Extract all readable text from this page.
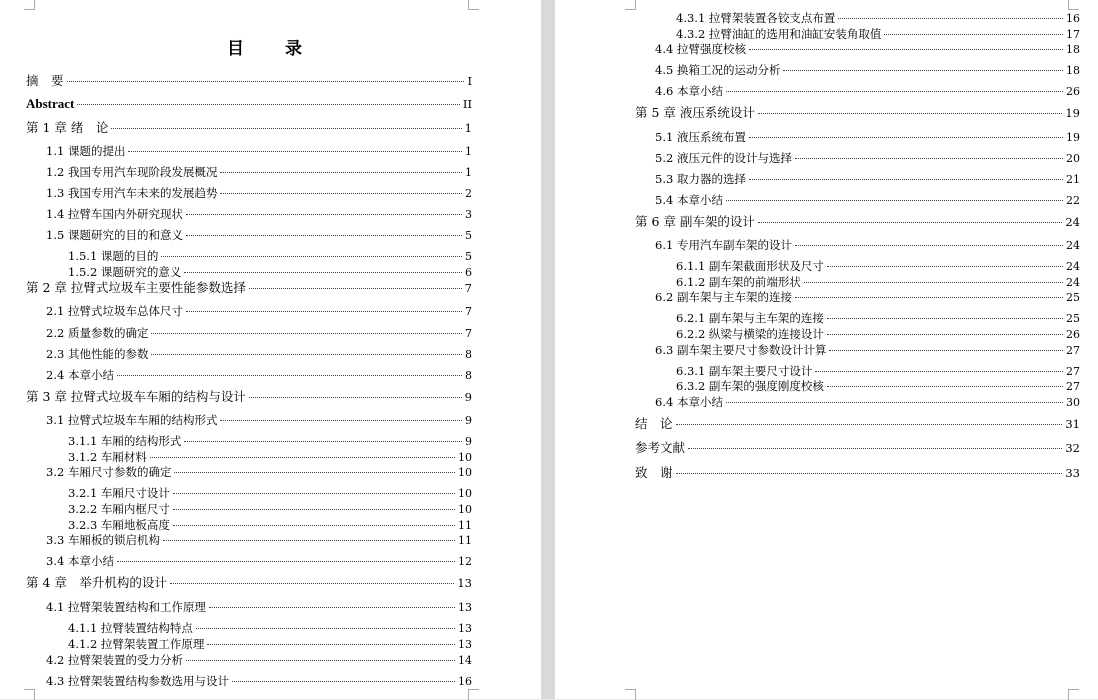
目　录
摘　要	I
Abstract	II
第 1 章 绪　论	1
1.1 课题的提出	1
1.2 我国专用汽车现阶段发展概况	1
1.3 我国专用汽车未来的发展趋势	2
1.4 拉臂车国内外研究现状	3
1.5 课题研究的目的和意义	5
1.5.1 课题的目的	5
1.5.2 课题研究的意义	6
第 2 章 拉臂式垃圾车主要性能参数选择	7
2.1 拉臂式垃圾车总体尺寸	7
2.2 质量参数的确定	7
2.3 其他性能的参数	8
2.4 本章小结	8
第 3 章 拉臂式垃圾车车厢的结构与设计	9
3.1 拉臂式垃圾车车厢的结构形式	9
3.1.1 车厢的结构形式	9
3.1.2 车厢材料	10
3.2 车厢尺寸参数的确定	10
3.2.1 车厢尺寸设计	10
3.2.2 车厢内框尺寸	10
3.2.3 车厢地板高度	11
3.3 车厢板的锁启机构	11
3.4 本章小结	12
第 4 章　举升机构的设计	13
4.1 拉臂架装置结构和工作原理	13
4.1.1 拉臂装置结构特点	13
4.1.2 拉臂架装置工作原理	13
4.2 拉臂架装置的受力分析	14
4.3 拉臂架装置结构参数选用与设计	16
4.3.1 拉臂架装置各铰支点布置	16
4.3.2 拉臂油缸的选用和油缸安装角取值	17
4.4 拉臂强度校核	18
4.5 换箱工况的运动分析	18
4.6 本章小结	26
第 5 章 液压系统设计	19
5.1 液压系统布置	19
5.2 液压元件的设计与选择	20
5.3 取力器的选择	21
5.4 本章小结	22
第 6 章 副车架的设计	24
6.1 专用汽车副车架的设计	24
6.1.1 副车架截面形状及尺寸	24
6.1.2 副车架的前端形状	24
6.2 副车架与主车架的连接	25
6.2.1 副车架与主车架的连接	25
6.2.2 纵梁与横梁的连接设计	26
6.3 副车架主要尺寸参数设计计算	27
6.3.1 副车架主要尺寸设计	27
6.3.2 副车架的强度刚度校核	27
6.4 本章小结	30
结　论	31
参考文献	32
致　谢	33
